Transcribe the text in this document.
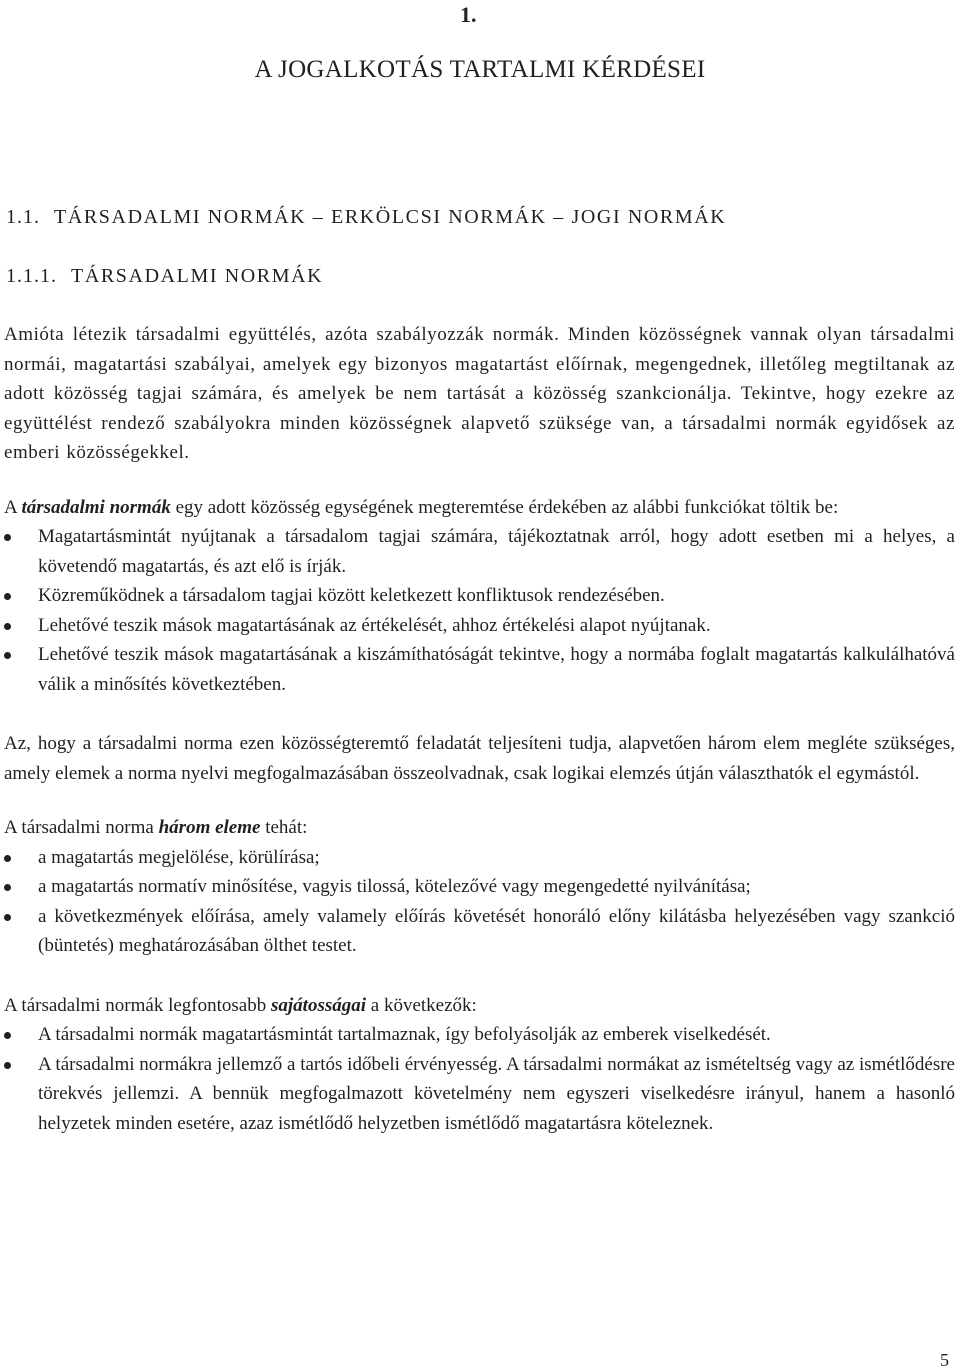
1.
A JOGALKOTÁS TARTALMI KÉRDÉSEI
1.1. TÁRSADALMI NORMÁK – ERKÖLCSI NORMÁK – JOGI NORMÁK
1.1.1. TÁRSADALMI NORMÁK

Amióta létezik társadalmi együttélés, azóta szabályozzák normák. Minden közösségnek vannak olyan társadalmi normái, magatartási szabályai, amelyek egy bizonyos magatartást előírnak, megengednek, illetőleg megtiltanak az adott közösség tagjai számára, és amelyek be nem tartását a közösség szankcionálja. Tekintve, hogy ezekre az együttélést rendező szabályokra minden közösségnek alapvető szüksége van, a társadalmi normák egyidősek az emberi közösségekkel.

A társadalmi normák egy adott közösség egységének megteremtése érdekében az alábbi funkciókat töltik be:

Magatartásmintát nyújtanak a társadalom tagjai számára, tájékoztatnak arról, hogy adott esetben mi a helyes, a követendő magatartás, és azt elő is írják.
Közreműködnek a társadalom tagjai között keletkezett konfliktusok rendezésében.
Lehetővé teszik mások magatartásának az értékelését, ahhoz értékelési alapot nyújtanak.
Lehetővé teszik mások magatartásának a kiszámíthatóságát tekintve, hogy a normába foglalt magatartás kalkulálhatóvá válik a minősítés következtében.

Az, hogy a társadalmi norma ezen közösségteremtő feladatát teljesíteni tudja, alapvetően három elem megléte szükséges, amely elemek a norma nyelvi megfogalmazásában összeolvadnak, csak logikai elemzés útján választhatók el egymástól.

A társadalmi norma három eleme tehát:

a magatartás megjelölése, körülírása;
a magatartás normatív minősítése, vagyis tilossá, kötelezővé vagy megengedetté nyilvánítása;
a következmények előírása, amely valamely előírás követését honoráló előny kilátásba helyezésében vagy szankció (büntetés) meghatározásában ölthet testet.

A társadalmi normák legfontosabb sajátosságai a következők:

A társadalmi normák magatartásmintát tartalmaznak, így befolyásolják az emberek viselkedését.
A társadalmi normákra jellemző a tartós időbeli érvényesség. A társadalmi normákat az ismételtség vagy az ismétlődésre törekvés jellemzi. A bennük megfogalmazott követelmény nem egyszeri viselkedésre irányul, hanem a hasonló helyzetek minden esetére, azaz ismétlődő helyzetben ismétlődő magatartásra köteleznek.

5
